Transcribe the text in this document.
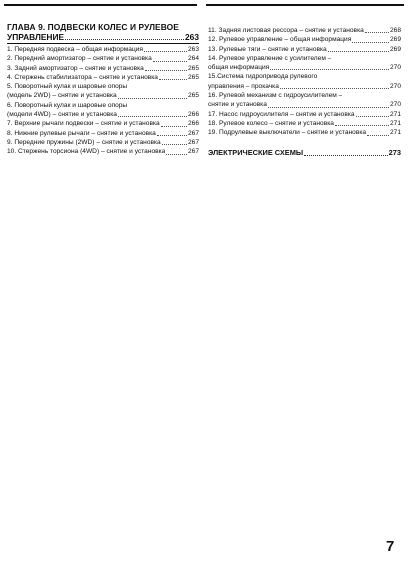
ГЛАВА 9. ПОДВЕСКИ КОЛЕС И РУЛЕВОЕ
УПРАВЛЕНИЕ	263
1. Передняя подвеска – общая информация	263
2. Передний амортизатор – снятие и установка	264
3. Задний амортизатор – снятие и установка	265
4. Стержень стабилизатора – снятие и установка	265
5. Поворотный кулак и шаровые опоры
(модель 2WD) – снятие и установка	265
6. Поворотный кулак и шаровые опоры
(модели 4WD) – снятие и установка	266
7. Верхние рычаги подвески – снятие и установка	266
8. Нижние рулевые рычаги – снятие и установка	267
9. Передние пружины (2WD) – снятие и установка	267
10. Стержень торсиона (4WD) – снятие и установка	267
11. Задняя листовая рессора – снятие и установка	268
12. Рулевое управление – общая информация	269
13. Рулевые тяги – снятие и установка	269
14. Рулевое управление с усилителем –
общая информация	270
15.Система гидропривода рулевого
управления – прокачка	270
16. Рулевой механизм с гидроусилителем –
снятие и установка	270
17. Насос гидроусилителя – снятие и установка	271
18. Рулевое колесо – снятие и установка	271
19. Подрулевые выключатели – снятие и установка	271
ЭЛЕКТРИЧЕСКИЕ СХЕМЫ	273
7
